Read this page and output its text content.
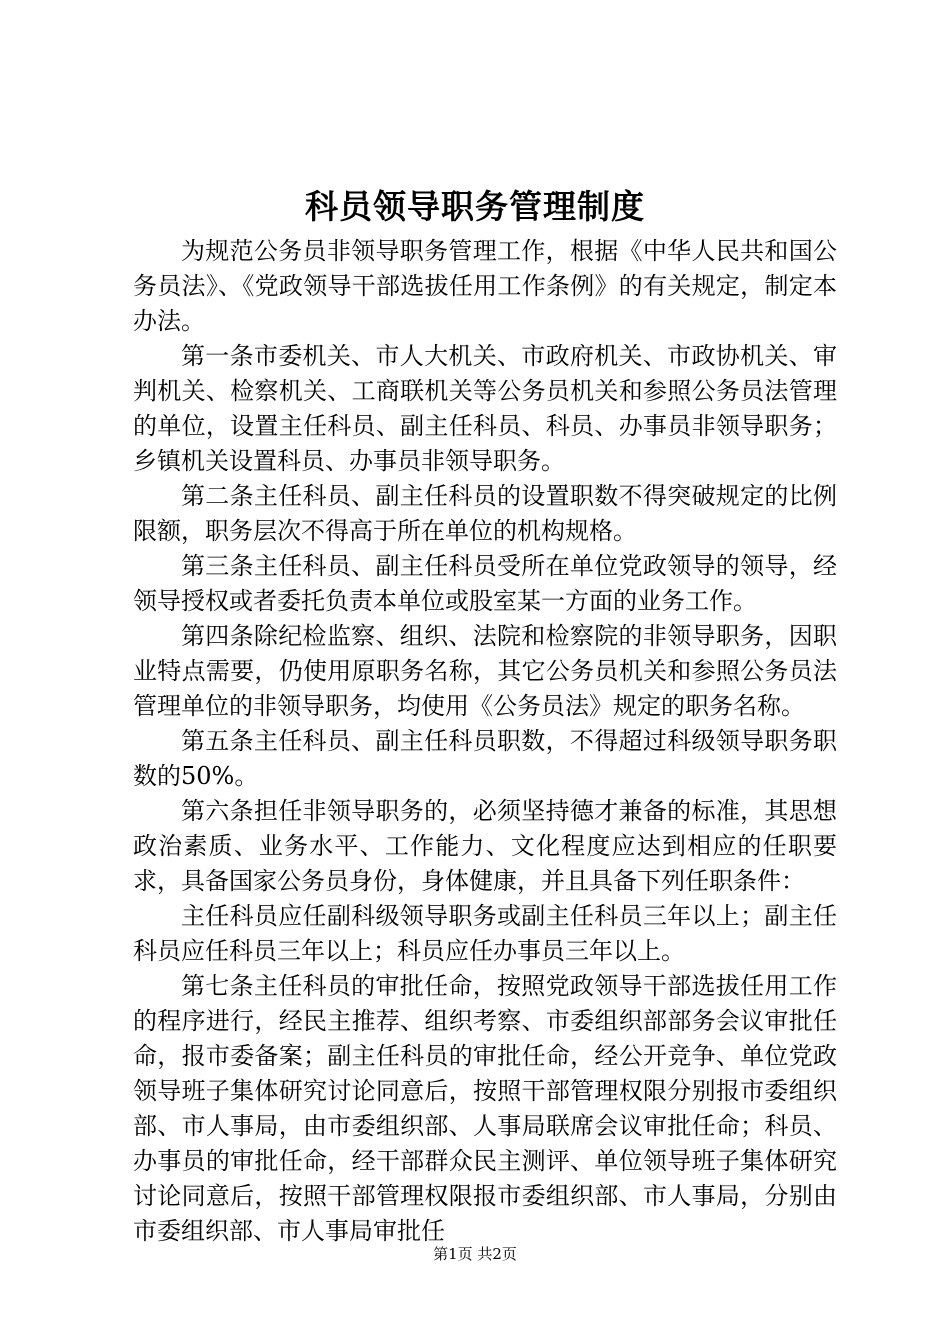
科员领导职务管理制度

为规范公务员非领导职务管理工作，根据《中华人民共和国公务员法》、《党政领导干部选拔任用工作条例》的有关规定，制定本办法。

第一条市委机关、市人大机关、市政府机关、市政协机关、审判机关、检察机关、工商联机关等公务员机关和参照公务员法管理的单位，设置主任科员、副主任科员、科员、办事员非领导职务；乡镇机关设置科员、办事员非领导职务。

第二条主任科员、副主任科员的设置职数不得突破规定的比例限额，职务层次不得高于所在单位的机构规格。

第三条主任科员、副主任科员受所在单位党政领导的领导，经领导授权或者委托负责本单位或股室某一方面的业务工作。

第四条除纪检监察、组织、法院和检察院的非领导职务，因职业特点需要，仍使用原职务名称，其它公务员机关和参照公务员法管理单位的非领导职务，均使用《公务员法》规定的职务名称。

第五条主任科员、副主任科员职数，不得超过科级领导职务职数的50%。

第六条担任非领导职务的，必须坚持德才兼备的标准，其思想政治素质、业务水平、工作能力、文化程度应达到相应的任职要求，具备国家公务员身份，身体健康，并且具备下列任职条件：

主任科员应任副科级领导职务或副主任科员三年以上；副主任科员应任科员三年以上；科员应任办事员三年以上。

第七条主任科员的审批任命，按照党政领导干部选拔任用工作的程序进行，经民主推荐、组织考察、市委组织部部务会议审批任命，报市委备案；副主任科员的审批任命，经公开竞争、单位党政领导班子集体研究讨论同意后，按照干部管理权限分别报市委组织部、市人事局，由市委组织部、人事局联席会议审批任命；科员、办事员的审批任命，经干部群众民主测评、单位领导班子集体研究讨论同意后，按照干部管理权限报市委组织部、市人事局，分别由市委组织部、市人事局审批任

第1页 共2页
